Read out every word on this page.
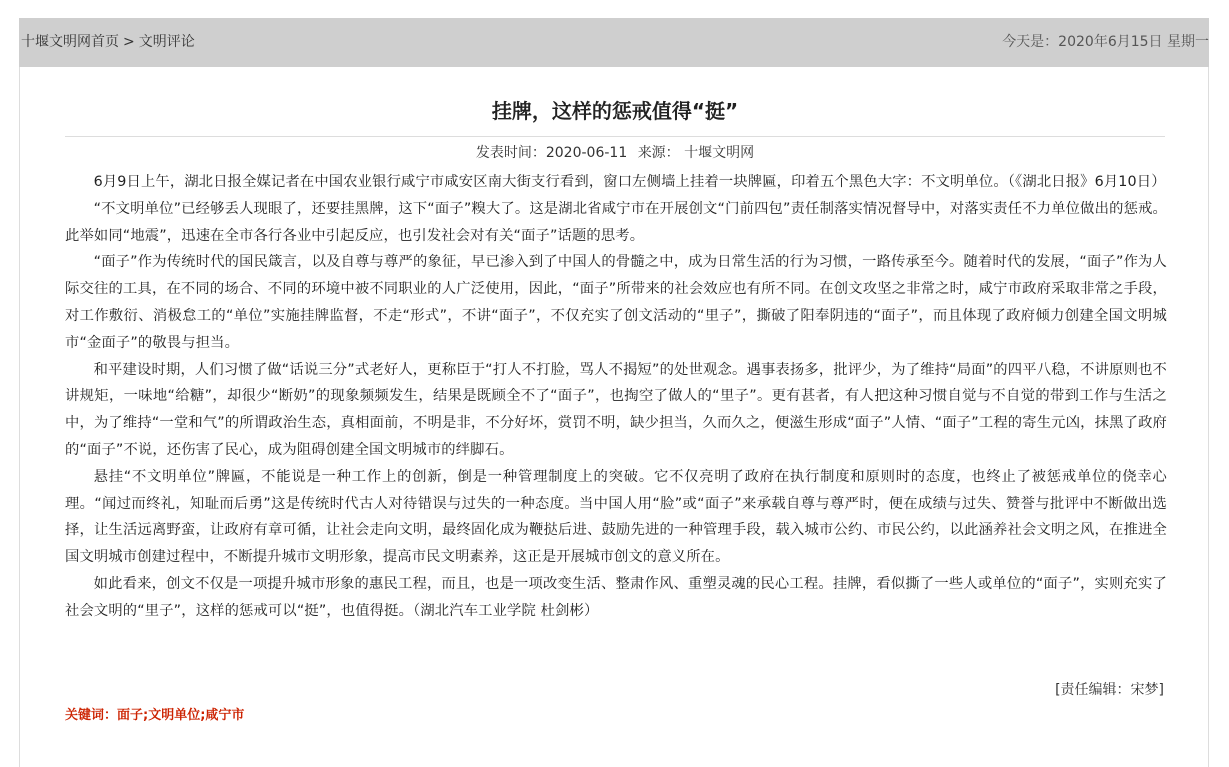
十堰文明网首页 > 文明评论	今天是：2020年6月15日 星期一
挂牌，这样的惩戒值得“挺”
发表时间：2020-06-11 来源： 十堰文明网

6月9日上午，湖北日报全媒记者在中国农业银行咸宁市咸安区南大街支行看到，窗口左侧墙上挂着一块牌匾，印着五个黑色大字：不文明单位。（《湖北日报》6月10日）

“不文明单位”已经够丢人现眼了，还要挂黑牌，这下“面子”糗大了。这是湖北省咸宁市在开展创文“门前四包”责任制落实情况督导中，对落实责任不力单位做出的惩戒。此举如同“地震”，迅速在全市各行各业中引起反应，也引发社会对有关“面子”话题的思考。

“面子”作为传统时代的国民箴言，以及自尊与尊严的象征，早已渗入到了中国人的骨髓之中，成为日常生活的行为习惯，一路传承至今。随着时代的发展，“面子”作为人际交往的工具，在不同的场合、不同的环境中被不同职业的人广泛使用，因此，“面子”所带来的社会效应也有所不同。在创文攻坚之非常之时，咸宁市政府采取非常之手段，对工作敷衍、消极怠工的“单位”实施挂牌监督，不走“形式”，不讲“面子”，不仅充实了创文活动的“里子”，撕破了阳奉阴违的“面子”，而且体现了政府倾力创建全国文明城市“金面子”的敬畏与担当。

和平建设时期，人们习惯了做“话说三分”式老好人，更称臣于“打人不打脸，骂人不揭短”的处世观念。遇事表扬多，批评少，为了维持“局面”的四平八稳，不讲原则也不讲规矩，一味地“给糖”，却很少“断奶”的现象频频发生，结果是既顾全不了“面子”，也掏空了做人的“里子”。更有甚者，有人把这种习惯自觉与不自觉的带到工作与生活之中，为了维持“一堂和气”的所谓政治生态，真相面前，不明是非，不分好坏，赏罚不明，缺少担当，久而久之，便滋生形成“面子”人情、“面子”工程的寄生元凶，抹黑了政府的“面子”不说，还伤害了民心，成为阻碍创建全国文明城市的绊脚石。

悬挂“不文明单位”牌匾，不能说是一种工作上的创新，倒是一种管理制度上的突破。它不仅亮明了政府在执行制度和原则时的态度，也终止了被惩戒单位的侥幸心理。“闻过而终礼，知耻而后勇”这是传统时代古人对待错误与过失的一种态度。当中国人用“脸”或“面子”来承载自尊与尊严时，便在成绩与过失、赞誉与批评中不断做出选择，让生活远离野蛮，让政府有章可循，让社会走向文明，最终固化成为鞭挞后进、鼓励先进的一种管理手段，载入城市公约、市民公约，以此涵养社会文明之风，在推进全国文明城市创建过程中，不断提升城市文明形象，提高市民文明素养，这正是开展城市创文的意义所在。

如此看来，创文不仅是一项提升城市形象的惠民工程，而且，也是一项改变生活、整肃作风、重塑灵魂的民心工程。挂牌，看似撕了一些人或单位的“面子”，实则充实了社会文明的“里子”，这样的惩戒可以“挺”，也值得挺。（湖北汽车工业学院 杜剑彬）

[责任编辑：宋梦]
关键词：面子;文明单位;咸宁市
